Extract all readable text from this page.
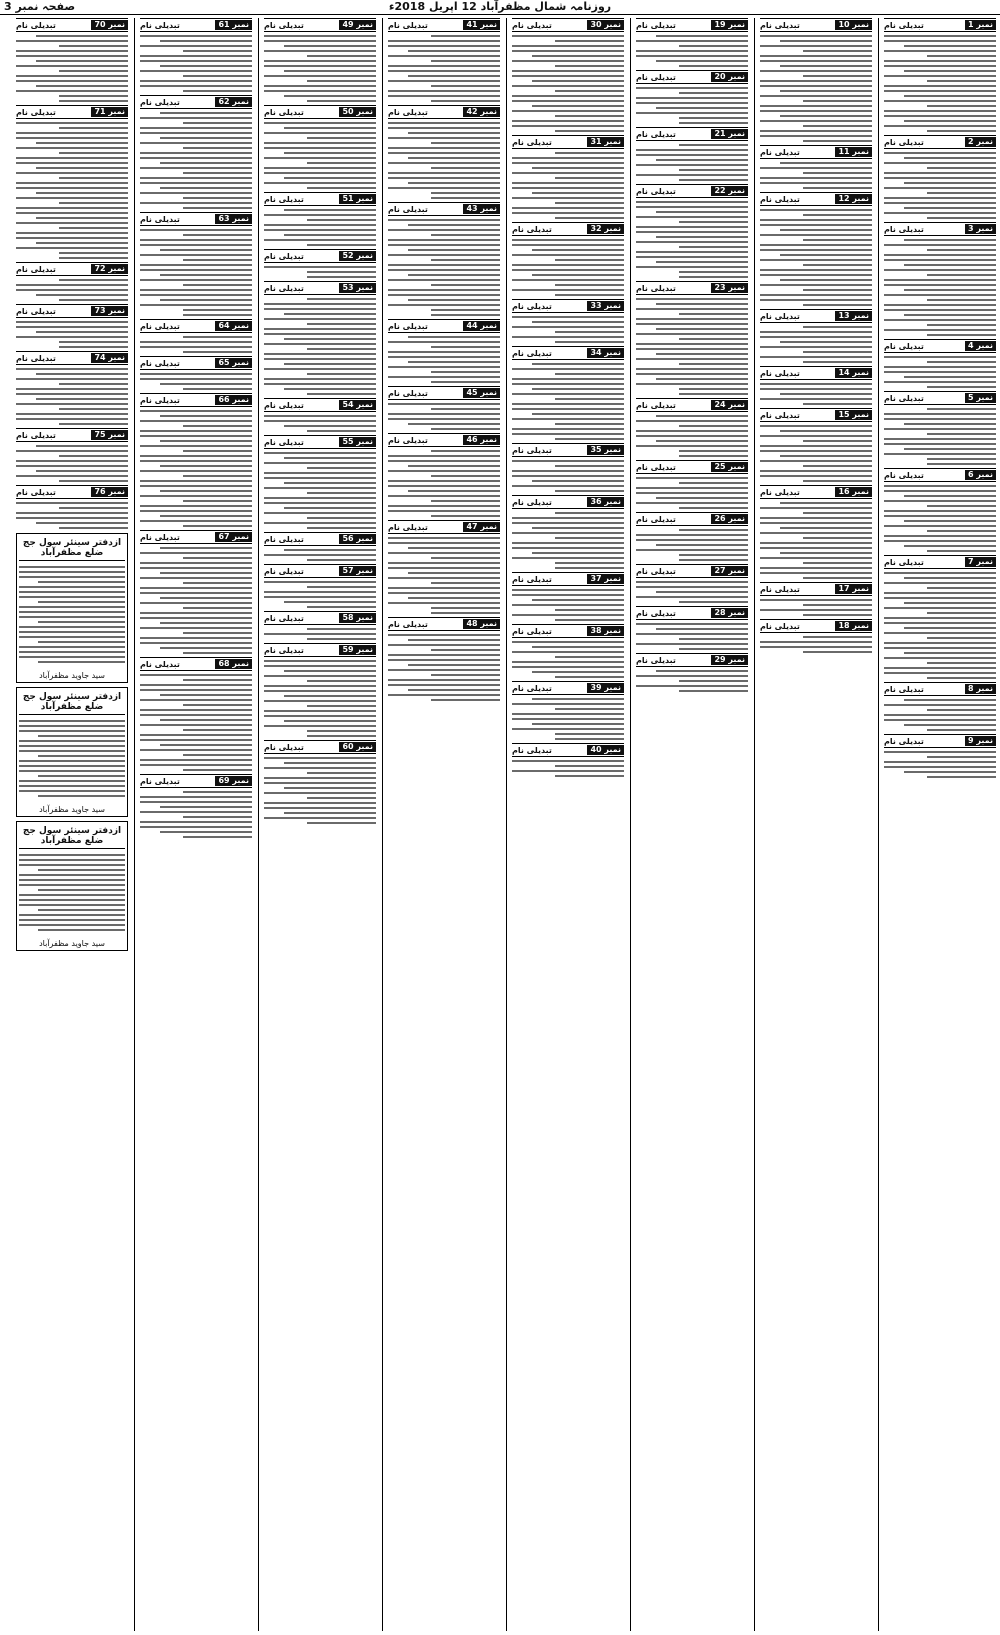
صفحہ نمبر 3	روزنامہ شمال مظفرآباد 12 اپریل 2018ء
تبدیلی نام	نمبر 1
تبدیلی نام	نمبر 2
تبدیلی نام	نمبر 3
تبدیلی نام	نمبر 4
تبدیلی نام	نمبر 5
تبدیلی نام	نمبر 6
تبدیلی نام	نمبر 7
تبدیلی نام	نمبر 8
تبدیلی نام	نمبر 9
تبدیلی نام	نمبر 10
تبدیلی نام	نمبر 11
تبدیلی نام	نمبر 12
تبدیلی نام	نمبر 13
تبدیلی نام	نمبر 14
تبدیلی نام	نمبر 15
تبدیلی نام	نمبر 16
تبدیلی نام	نمبر 17
تبدیلی نام	نمبر 18
تبدیلی نام	نمبر 19
تبدیلی نام	نمبر 20
تبدیلی نام	نمبر 21
تبدیلی نام	نمبر 22
تبدیلی نام	نمبر 23
تبدیلی نام	نمبر 24
تبدیلی نام	نمبر 25
تبدیلی نام	نمبر 26
تبدیلی نام	نمبر 27
تبدیلی نام	نمبر 28
تبدیلی نام	نمبر 29
تبدیلی نام	نمبر 30
تبدیلی نام	نمبر 31
تبدیلی نام	نمبر 32
تبدیلی نام	نمبر 33
تبدیلی نام	نمبر 34
تبدیلی نام	نمبر 35
تبدیلی نام	نمبر 36
تبدیلی نام	نمبر 37
تبدیلی نام	نمبر 38
تبدیلی نام	نمبر 39
تبدیلی نام	نمبر 40
تبدیلی نام	نمبر 41
تبدیلی نام	نمبر 42
تبدیلی نام	نمبر 43
تبدیلی نام	نمبر 44
تبدیلی نام	نمبر 45
تبدیلی نام	نمبر 46
تبدیلی نام	نمبر 47
تبدیلی نام	نمبر 48
تبدیلی نام	نمبر 49
تبدیلی نام	نمبر 50
تبدیلی نام	نمبر 51
تبدیلی نام	نمبر 52
تبدیلی نام	نمبر 53
تبدیلی نام	نمبر 54
تبدیلی نام	نمبر 55
تبدیلی نام	نمبر 56
تبدیلی نام	نمبر 57
تبدیلی نام	نمبر 58
تبدیلی نام	نمبر 59
تبدیلی نام	نمبر 60
تبدیلی نام	نمبر 61
تبدیلی نام	نمبر 62
تبدیلی نام	نمبر 63
تبدیلی نام	نمبر 64
تبدیلی نام	نمبر 65
تبدیلی نام	نمبر 66
تبدیلی نام	نمبر 67
تبدیلی نام	نمبر 68
تبدیلی نام	نمبر 69
تبدیلی نام	نمبر 70
تبدیلی نام	نمبر 71
تبدیلی نام	نمبر 72
تبدیلی نام	نمبر 73
تبدیلی نام	نمبر 74
تبدیلی نام	نمبر 75
تبدیلی نام	نمبر 76
ازدفتر سینئر سول جج ضلع مظفرآباد
سید جاوید مظفرآباد
ازدفتر سینئر سول جج ضلع مظفرآباد
سید جاوید مظفرآباد
ازدفتر سینئر سول جج ضلع مظفرآباد
سید جاوید مظفرآباد
